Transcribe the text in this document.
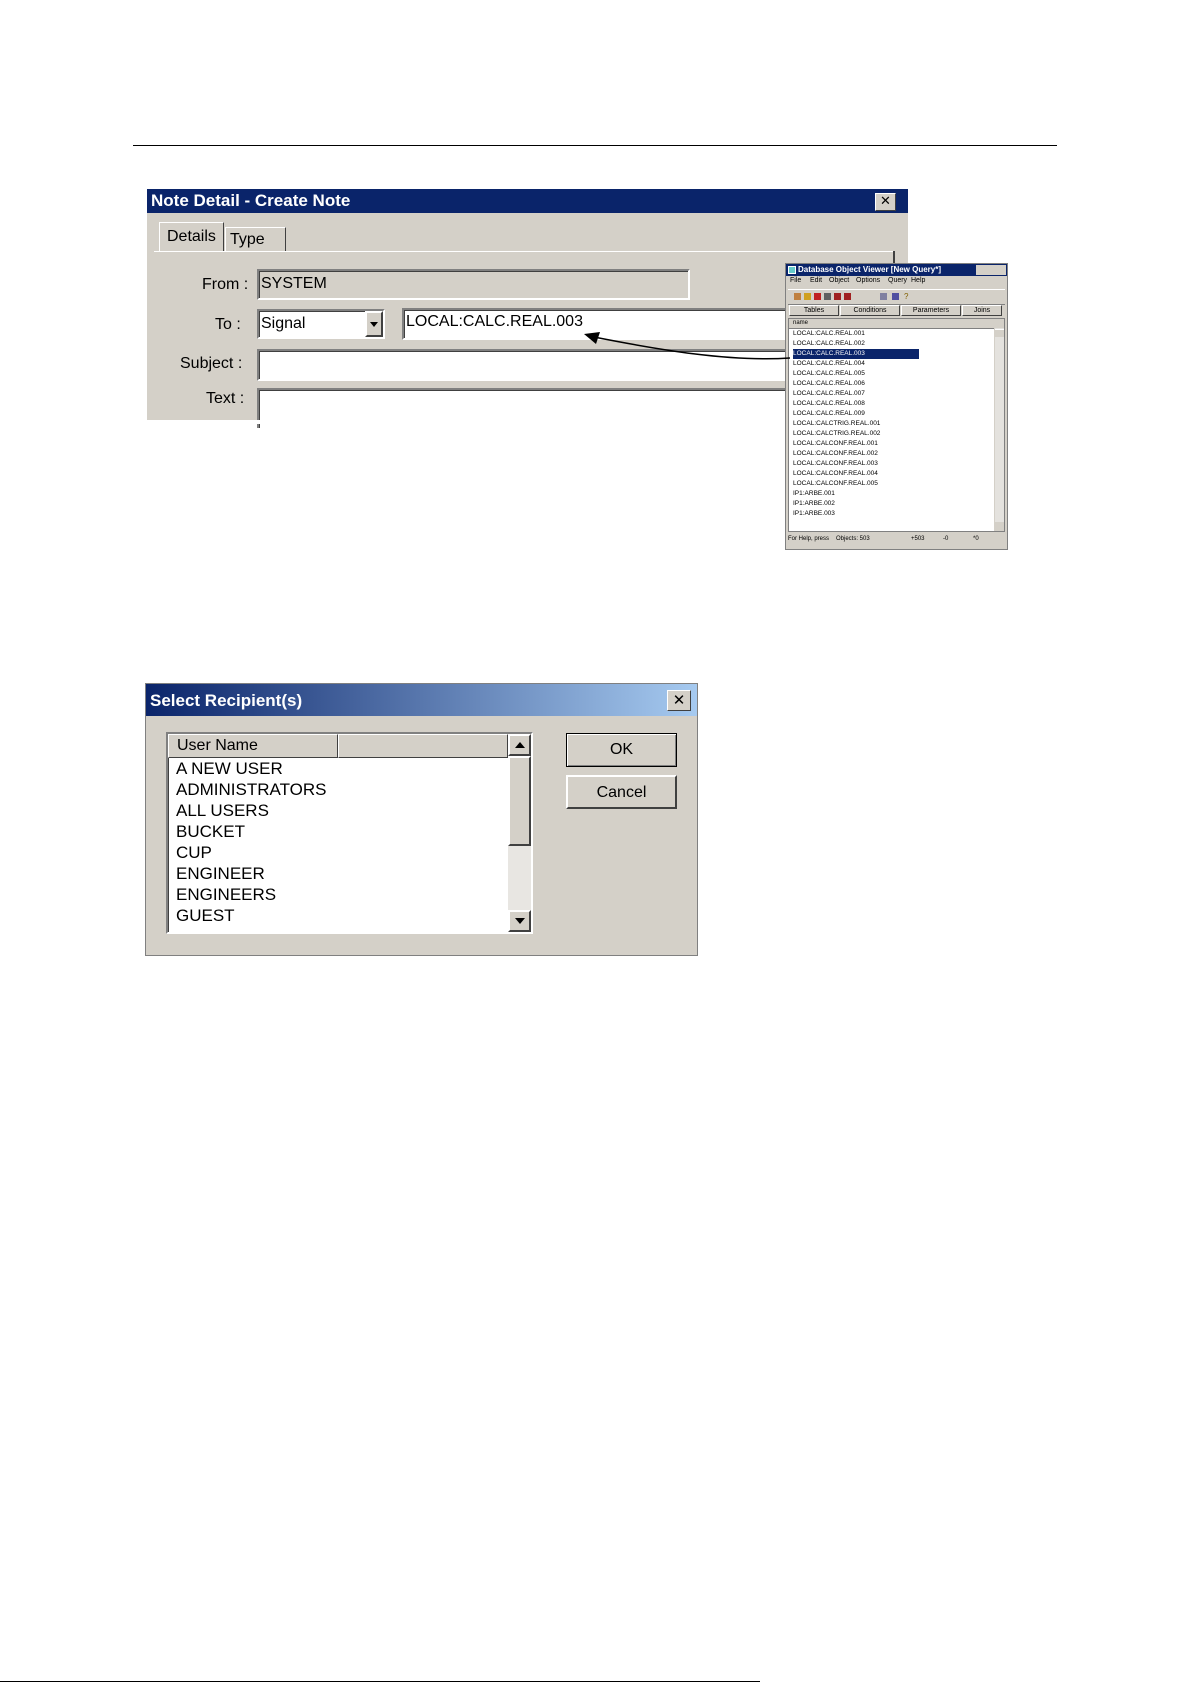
Note Detail - Create Note	✕
Details Type
From : SYSTEM
To : Signal	LOCAL:CALC.REAL.003
Subject :
Text :
Database Object Viewer [New Query*]
File Edit Object Options Query Help
?
Tables	Conditions	Parameters	Joins
name
LOCAL:CALC.REAL.001
LOCAL:CALC.REAL.002
LOCAL:CALC.REAL.003
LOCAL:CALC.REAL.004
LOCAL:CALC.REAL.005
LOCAL:CALC.REAL.006
LOCAL:CALC.REAL.007
LOCAL:CALC.REAL.008
LOCAL:CALC.REAL.009
LOCAL:CALCTRIG.REAL.001
LOCAL:CALCTRIG.REAL.002
LOCAL:CALCONF.REAL.001
LOCAL:CALCONF.REAL.002
LOCAL:CALCONF.REAL.003
LOCAL:CALCONF.REAL.004
LOCAL:CALCONF.REAL.005
IP1:ARBE.001
IP1:ARBE.002
IP1:ARBE.003
For Help, press Objects: 503	+503	-0	*0
Select Recipient(s)	✕
User Name
A NEW USER
ADMINISTRATORS
ALL USERS
BUCKET
CUP
ENGINEER
ENGINEERS
GUEST
OK
Cancel
